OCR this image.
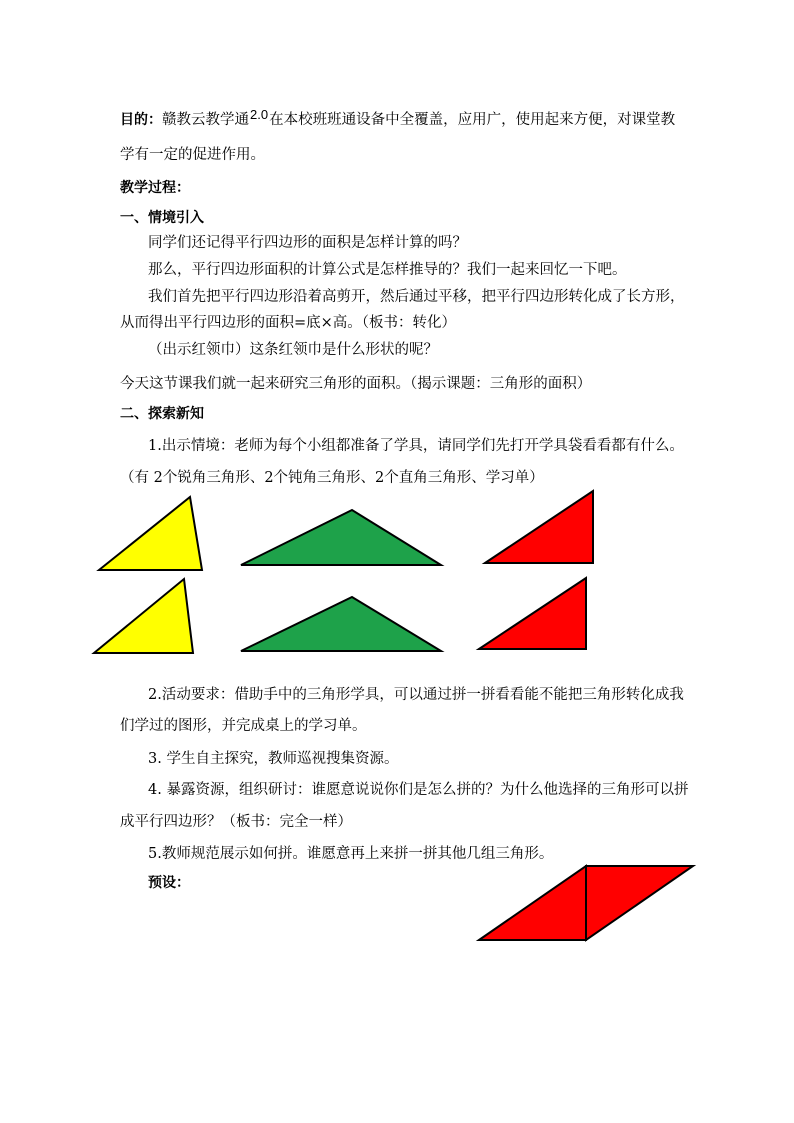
目的：赣教云教学通2.0在本校班班通设备中全覆盖，应用广，使用起来方便，对课堂教
学有一定的促进作用。
教学过程：
一、情境引入
同学们还记得平行四边形的面积是怎样计算的吗？
那么，平行四边形面积的计算公式是怎样推导的？我们一起来回忆一下吧。
我们首先把平行四边形沿着高剪开，然后通过平移，把平行四边形转化成了长方形，
从而得出平行四边形的面积=底×高。（板书：转化）
（出示红领巾）这条红领巾是什么形状的呢？
今天这节课我们就一起来研究三角形的面积。（揭示课题：三角形的面积）
二、探索新知
1.出示情境：老师为每个小组都准备了学具，请同学们先打开学具袋看看都有什么。
（有 2个锐角三角形、2个钝角三角形、2个直角三角形、学习单）
2.活动要求：借助手中的三角形学具，可以通过拼一拼看看能不能把三角形转化成我
们学过的图形，并完成桌上的学习单。
3. 学生自主探究，教师巡视搜集资源。
4. 暴露资源，组织研讨：谁愿意说说你们是怎么拼的？为什么他选择的三角形可以拼
成平行四边形？（板书：完全一样）
5.教师规范展示如何拼。谁愿意再上来拼一拼其他几组三角形。
预设：
